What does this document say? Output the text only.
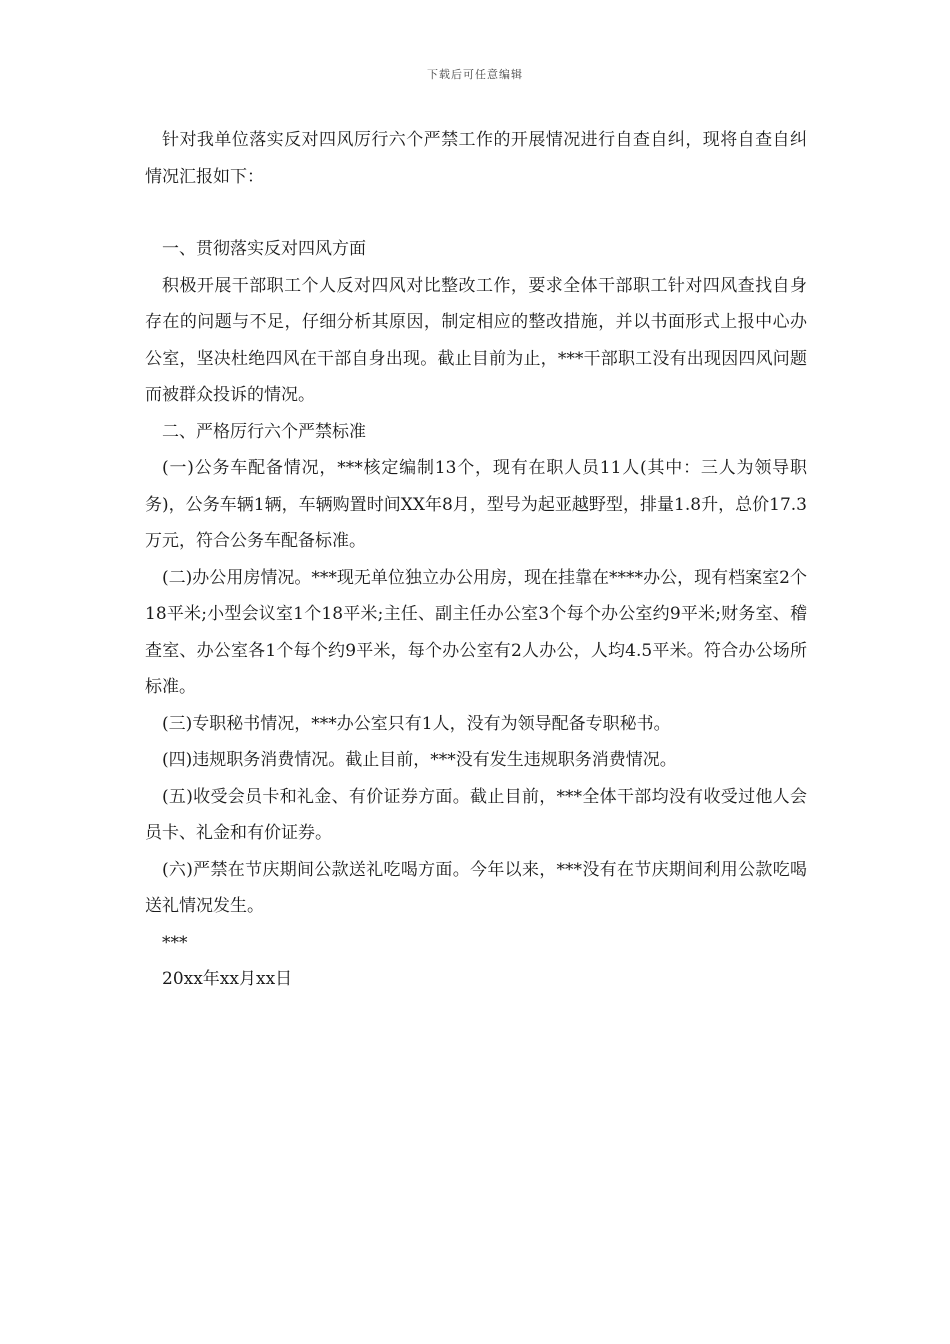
下载后可任意编辑

针对我单位落实反对四风厉行六个严禁工作的开展情况进行自查自纠，现将自查自纠情况汇报如下：

一、贯彻落实反对四风方面

积极开展干部职工个人反对四风对比整改工作，要求全体干部职工针对四风查找自身存在的问题与不足，仔细分析其原因，制定相应的整改措施，并以书面形式上报中心办公室，坚决杜绝四风在干部自身出现。截止目前为止，***干部职工没有出现因四风问题而被群众投诉的情况。

二、严格厉行六个严禁标准

(一)公务车配备情况，***核定编制13个，现有在职人员11人(其中：三人为领导职务)，公务车辆1辆，车辆购置时间XX年8月，型号为起亚越野型，排量1.8升，总价17.3万元，符合公务车配备标准。

(二)办公用房情况。***现无单位独立办公用房，现在挂靠在****办公，现有档案室2个18平米;小型会议室1个18平米;主任、副主任办公室3个每个办公室约9平米;财务室、稽查室、办公室各1个每个约9平米，每个办公室有2人办公，人均4.5平米。符合办公场所标准。

(三)专职秘书情况，***办公室只有1人，没有为领导配备专职秘书。

(四)违规职务消费情况。截止目前，***没有发生违规职务消费情况。

(五)收受会员卡和礼金、有价证券方面。截止目前，***全体干部均没有收受过他人会员卡、礼金和有价证券。

(六)严禁在节庆期间公款送礼吃喝方面。今年以来，***没有在节庆期间利用公款吃喝送礼情况发生。

***

20xx年xx月xx日
